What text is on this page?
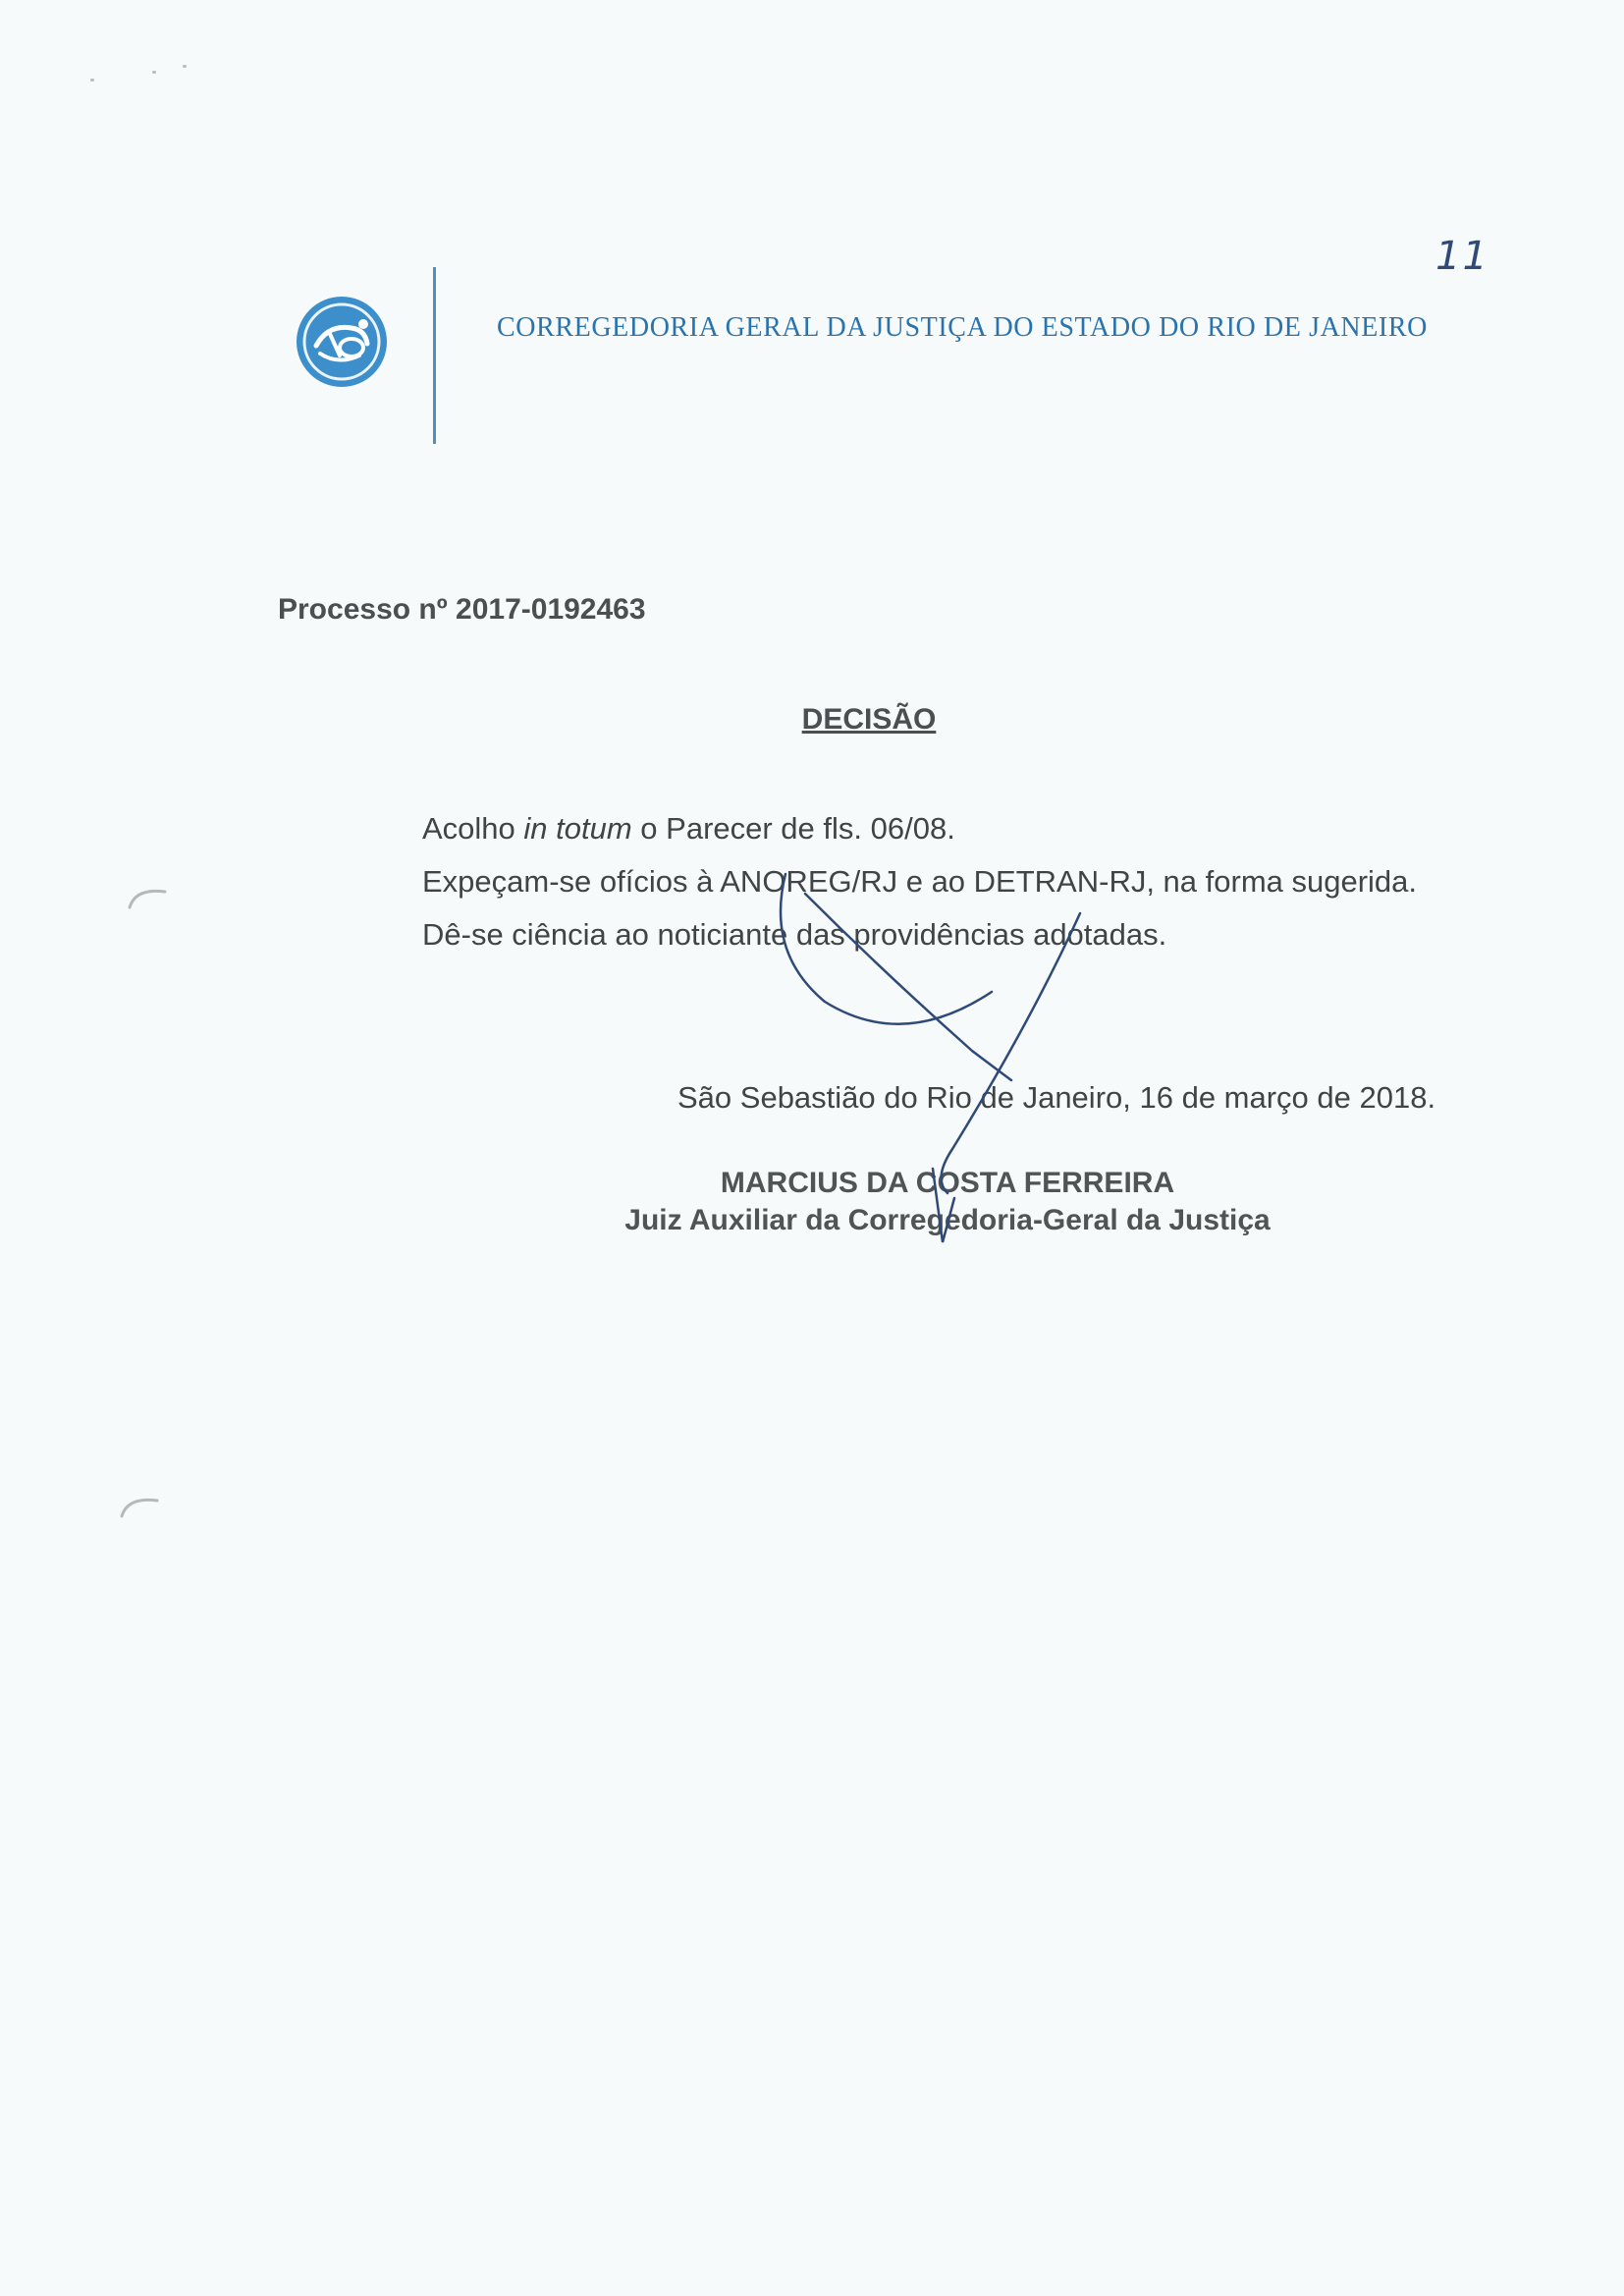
11
CORREGEDORIA GERAL DA JUSTIÇA DO ESTADO DO RIO DE JANEIRO
Processo nº 2017-0192463
DECISÃO
Acolho in totum o Parecer de fls. 06/08.
Expeçam-se ofícios à ANOREG/RJ e ao DETRAN-RJ, na forma sugerida.
Dê-se ciência ao noticiante das providências adotadas.
São Sebastião do Rio de Janeiro, 16 de março de 2018.
MARCIUS DA COSTA FERREIRA
Juiz Auxiliar da Corregedoria-Geral da Justiça
